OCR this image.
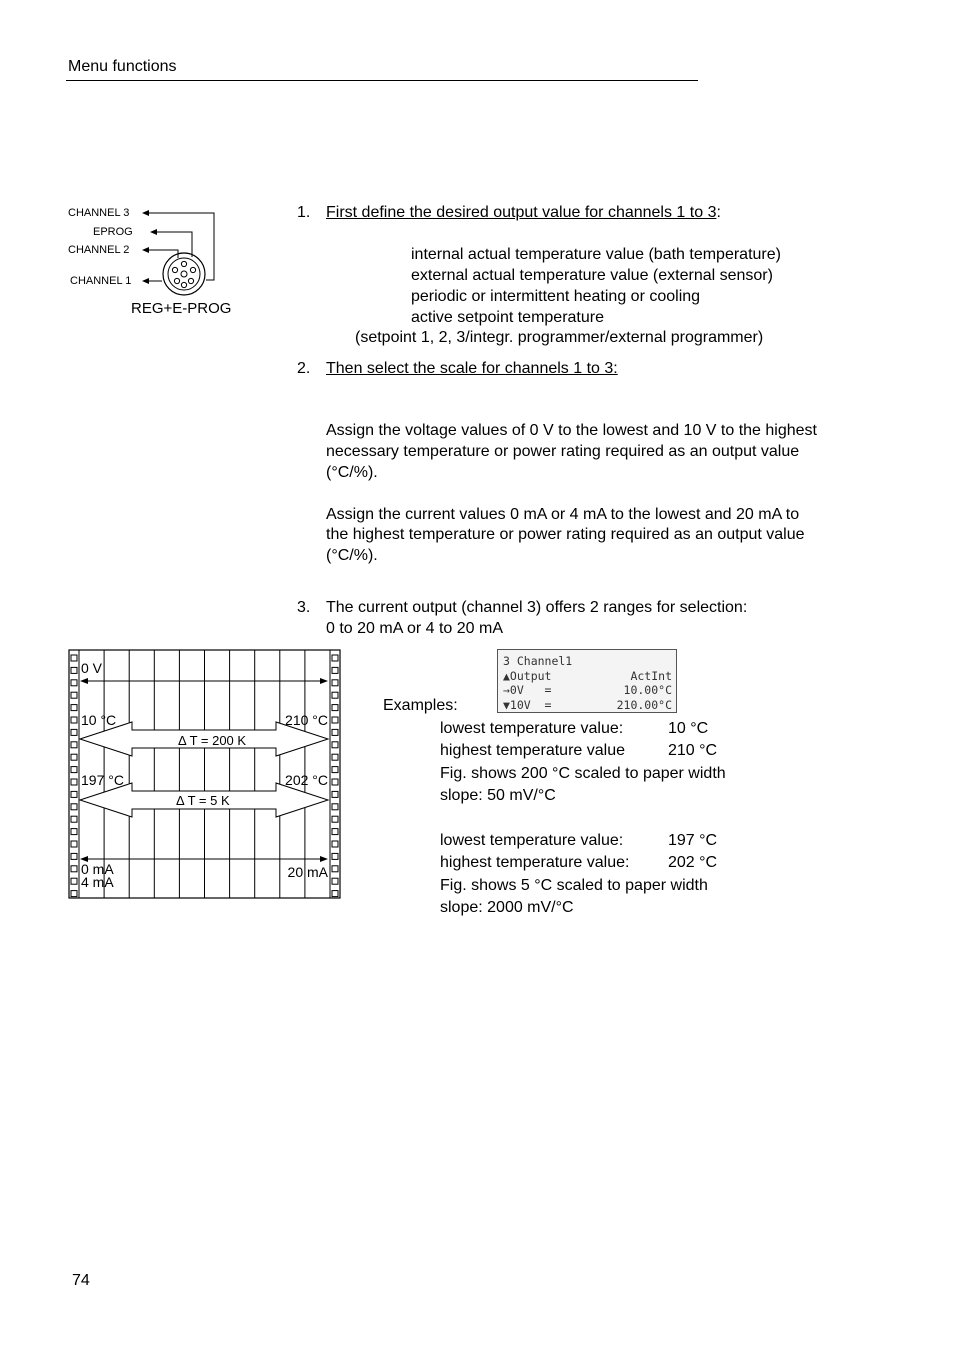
Menu functions
CHANNEL 3
EPROG
CHANNEL 2
CHANNEL 1
REG+E-PROG
1. First define the desired output value for channels 1 to 3:
internal actual temperature value (bath temperature)
external actual temperature value (external sensor)
periodic or intermittent heating or cooling
active setpoint temperature
(setpoint 1, 2, 3/integr. programmer/external programmer)
2. Then select the scale for channels 1 to 3:
Assign the voltage values of 0 V to the lowest and 10 V to the highest
necessary temperature or power rating required as an output value
(°C/%).
Assign the current values 0 mA or 4 mA to the lowest and 20 mA to
the highest temperature or power rating required as an output value
(°C/%).
3. The current output (channel 3) offers 2 ranges for selection:
0 to 20 mA or 4 to 20 mA
0 V
10 °C	210 °C
Δ T = 200 K
197 °C	202 °C
Δ T = 5 K
0 mA
4 mA
20 mA
3 Channel1
▲Output	ActInt
→0V   =	10.00°C
▼10V  =	210.00°C
Examples:
lowest temperature value:	10 °C
highest temperature value	210 °C
Fig. shows 200 °C scaled to paper width
slope: 50 mV/°C
lowest temperature value:	197 °C
highest temperature value: 202 °C
Fig. shows 5 °C scaled to paper width
slope: 2000 mV/°C
74
